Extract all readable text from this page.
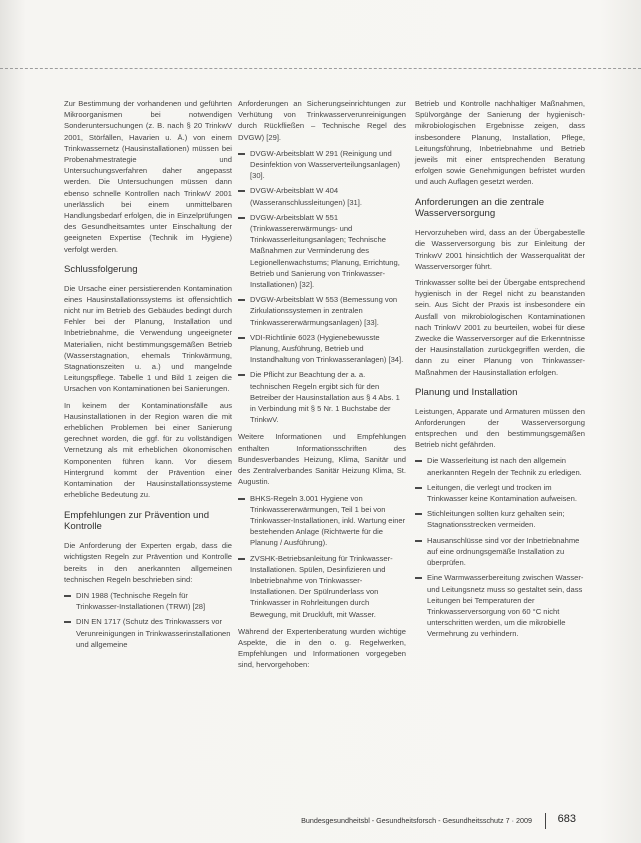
Zur Bestimmung der vorhandenen und geführten Mikroorganismen bei notwendigen Sonderuntersuchungen (z. B. nach § 20 TrinkwV 2001, Störfällen, Havarien u. Ä.) von einem Trinkwassernetz (Hausinstallationen) müssen bei Probenahmestrategie und Untersuchungsverfahren daher angepasst werden. Die Untersuchungen müssen dann ebenso schnelle Kontrollen nach TrinkwV 2001 unerlässlich bei einem unmittelbaren Handlungsbedarf erfolgen, die in Einzelprüfungen des Gesundheitsamtes unter Einschaltung der geeigneten Expertise (Technik im Hygiene) verfolgt werden.

Schlussfolgerung

Die Ursache einer persistierenden Kontamination eines Hausinstallationssystems ist offensichtlich nicht nur im Betrieb des Gebäudes bedingt durch Fehler bei der Planung, Installation und Inbetriebnahme, die Verwendung ungeeigneter Materialien, nicht bestimmungsgemäßen Betrieb (Wasserstagnation, ehemals Trinkwärmung, Stagnationszeiten u. a.) und mangelnde Leitungspflege. Tabelle 1 und Bild 1 zeigen die Ursachen von Kontaminationen bei Sanierungen.

In keinem der Kontaminationsfälle aus Hausinstallationen in der Region waren die mit erheblichen Problemen bei einer Sanierung gerechnet worden, die ggf. für zu vollständigen Vernetzung als mit erheblichen ökonomischen Komponenten führen kann. Vor diesem Hintergrund kommt der Prävention einer Kontamination der Hausinstallationssysteme erhebliche Bedeutung zu.

Empfehlungen zur Prävention und Kontrolle

Die Anforderung der Experten ergab, dass die wichtigsten Regeln zur Prävention und Kontrolle bereits in den anerkannten allgemeinen technischen Regeln beschrieben sind:

DIN 1988 (Technische Regeln für Trinkwasser-Installationen (TRWI) [28]
DIN EN 1717 (Schutz des Trinkwassers vor Verunreinigungen in Trinkwasserinstallationen und allgemeine

Anforderungen an Sicherungseinrichtungen zur Verhütung von Trinkwasserverunreinigungen durch Rückfließen – Technische Regel des DVGW) [29].

DVGW-Arbeitsblatt W 291 (Reinigung und Desinfektion von Wasserverteilungsanlagen) [30].
DVGW-Arbeitsblatt W 404 (Wasseranschlussleitungen) [31].
DVGW-Arbeitsblatt W 551 (Trinkwassererwärmungs- und Trinkwasserleitungsanlagen; Technische Maßnahmen zur Verminderung des Legionellenwachstums; Planung, Errichtung, Betrieb und Sanierung von Trinkwasser-Installationen) [32].
DVGW-Arbeitsblatt W 553 (Bemessung von Zirkulationssystemen in zentralen Trinkwassererwärmungsanlagen) [33].
VDI-Richtlinie 6023 (Hygienebewusste Planung, Ausführung, Betrieb und Instandhaltung von Trinkwasseranlagen) [34].
Die Pflicht zur Beachtung der a. a. technischen Regeln ergibt sich für den Betreiber der Hausinstallation aus § 4 Abs. 1 in Verbindung mit § 5 Nr. 1 Buchstabe der TrinkwV.

Weitere Informationen und Empfehlungen enthalten Informationsschriften des Bundesverbandes Heizung, Klima, Sanitär und des Zentralverbandes Sanitär Heizung Klima, St. Augustin.

BHKS-Regeln 3.001 Hygiene von Trinkwassererwärmungen, Teil 1 bei von Trinkwasser-Installationen, inkl. Wartung einer bestehenden Anlage (Richtwerte für die Planung / Ausführung).
ZVSHK-Betriebsanleitung für Trinkwasser-Installationen. Spülen, Desinfizieren und Inbetriebnahme von Trinkwasser-Installationen. Der Spülrunderlass von Trinkwasser in Rohrleitungen durch Bewegung, mit Druckluft, mit Wasser.

Während der Expertenberatung wurden wichtige Aspekte, die in den o. g. Regelwerken, Empfehlungen und Informationen vorgegeben sind, hervorgehoben:

Betrieb und Kontrolle nachhaltiger Maßnahmen, Spülvorgänge der Sanierung der hygienisch-mikrobiologischen Ergebnisse zeigen, dass insbesondere Planung, Installation, Pflege, Leitungsführung, Inbetriebnahme und Betrieb jeweils mit einer entsprechenden Beratung erfolgen sowie Genehmigungen befristet wurden und auch Auflagen gesetzt werden.

Anforderungen an die zentrale Wasserversorgung

Hervorzuheben wird, dass an der Übergabestelle die Wasserversorgung bis zur Einleitung der TrinkwV 2001 hinsichtlich der Wasserqualität der Wasserversorger führt.

Trinkwasser sollte bei der Übergabe entsprechend hygienisch in der Regel nicht zu beanstanden sein. Aus Sicht der Praxis ist insbesondere ein Ausfall von mikrobiologischen Kontaminationen nach TrinkwV 2001 zu beurteilen, wobei für diese Zwecke die Wasserversorger auf die Erkenntnisse der Hausinstallation zurückgegriffen werden, die dann zu einer Planung von Trinkwasser-Maßnahmen der Hausinstallation erfolgen.

Planung und Installation

Leistungen, Apparate und Armaturen müssen den Anforderungen der Wasserversorgung entsprechen und den bestimmungsgemäßen Betrieb nicht gefährden.

Die Wasserleitung ist nach den allgemein anerkannten Regeln der Technik zu erledigen.
Leitungen, die verlegt und trocken im Trinkwasser keine Kontamination aufweisen.
Stichleitungen sollten kurz gehalten sein; Stagnationsstrecken vermeiden.
Hausanschlüsse sind vor der Inbetriebnahme auf eine ordnungsgemäße Installation zu überprüfen.
Eine Warmwasserbereitung zwischen Wasser- und Leitungsnetz muss so gestaltet sein, dass Leitungen bei Temperaturen der Trinkwasserversorgung von 60 °C nicht unterschritten werden, um die mikrobielle Vermehrung zu verhindern.
Bundesgesundheitsbl - Gesundheitsforsch - Gesundheitsschutz 7 · 2009 683
